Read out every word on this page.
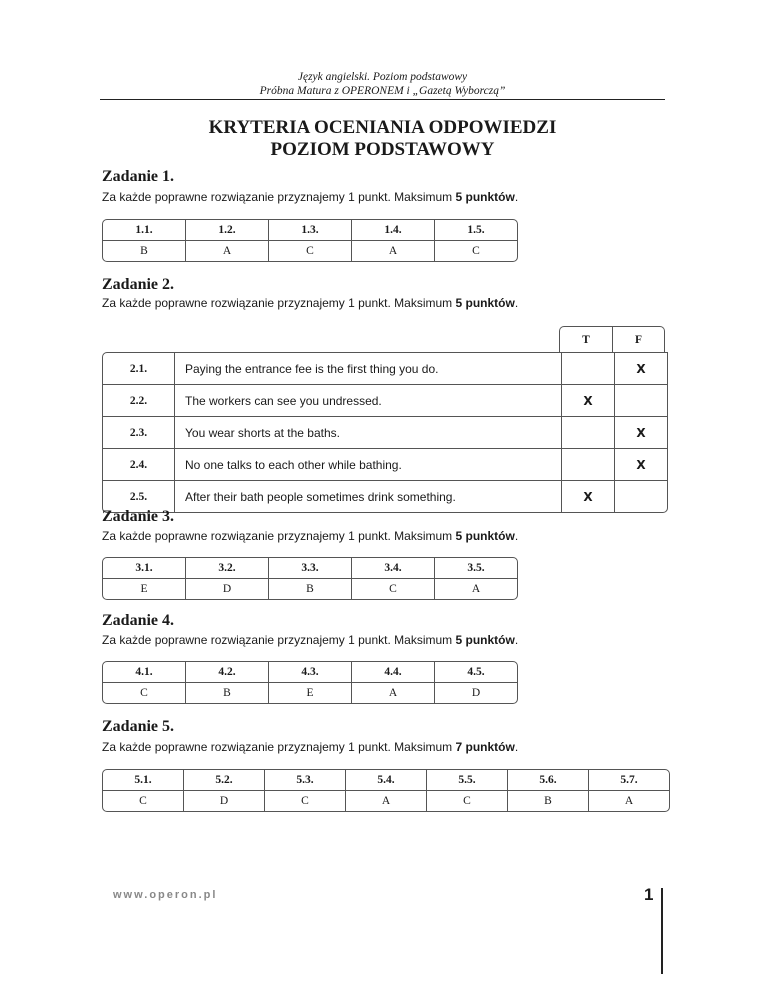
Język angielski. Poziom podstawowy
Próbna Matura z OPERONEM i „Gazetą Wyborczą”
KRYTERIA OCENIANIA ODPOWIEDZI
POZIOM PODSTAWOWY
Zadanie 1.
Za każde poprawne rozwiązanie przyznajemy 1 punkt. Maksimum 5 punktów.
1.1.	1.2.	1.3.	1.4.	1.5.
B	A	C	A	C
Zadanie 2.
Za każde poprawne rozwiązanie przyznajemy 1 punkt. Maksimum 5 punktów.
T	F
2.1.	Paying the entrance fee is the first thing you do.		X
2.2.	The workers can see you undressed.	X	
2.3.	You wear shorts at the baths.		X
2.4.	No one talks to each other while bathing.		X
2.5.	After their bath people sometimes drink something.	X	
Zadanie 3.
Za każde poprawne rozwiązanie przyznajemy 1 punkt. Maksimum 5 punktów.
3.1.	3.2.	3.3.	3.4.	3.5.
E	D	B	C	A
Zadanie 4.
Za każde poprawne rozwiązanie przyznajemy 1 punkt. Maksimum 5 punktów.
4.1.	4.2.	4.3.	4.4.	4.5.
C	B	E	A	D
Zadanie 5.
Za każde poprawne rozwiązanie przyznajemy 1 punkt. Maksimum 7 punktów.
5.1.	5.2.	5.3.	5.4.	5.5.	5.6.	5.7.
C	D	C	A	C	B	A
www.operon.pl	1
